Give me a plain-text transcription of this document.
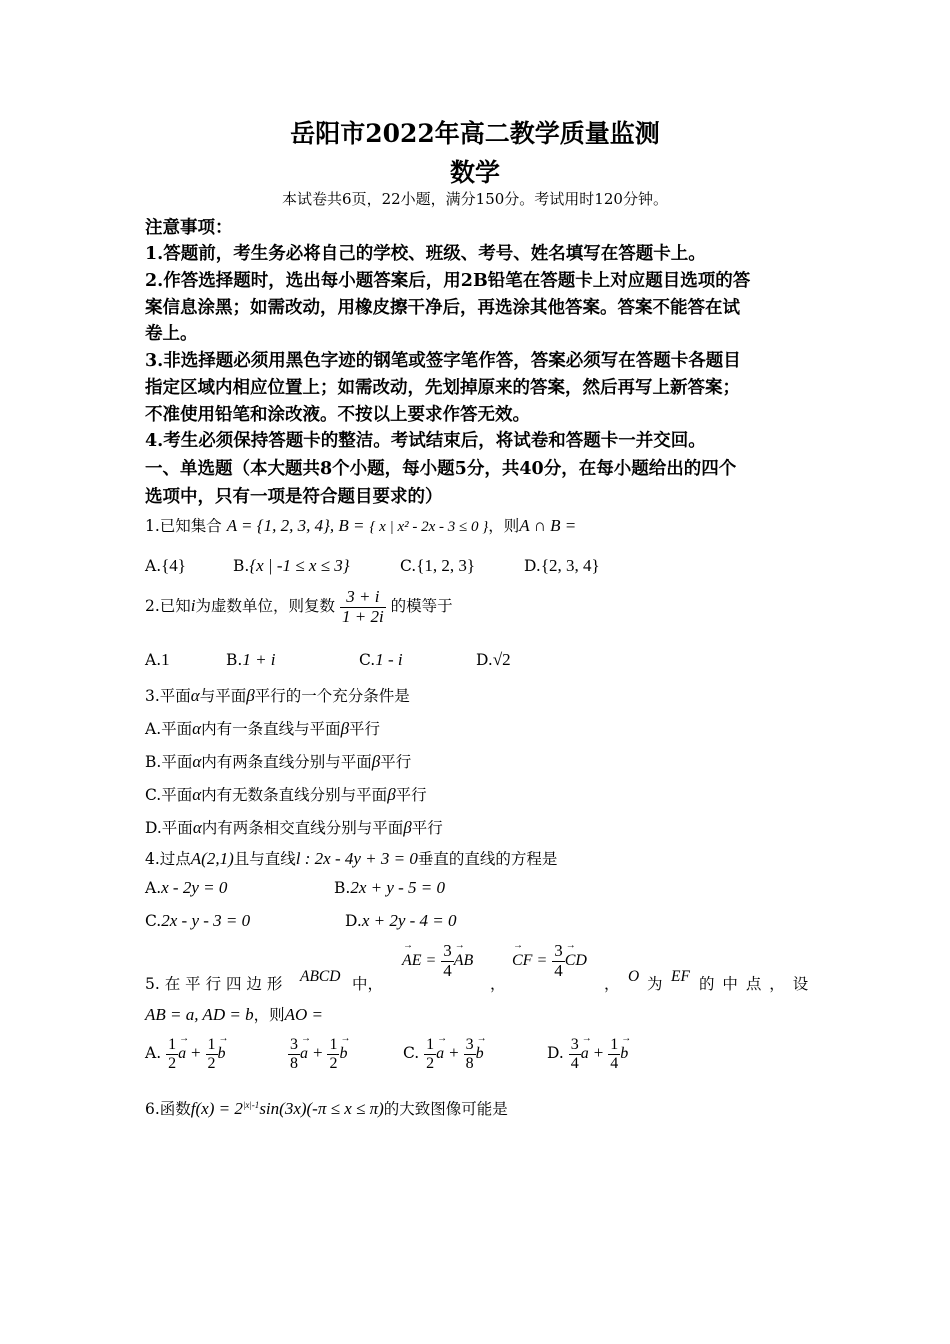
岳阳市2022年高二教学质量监测
数学
本试卷共6页，22小题，满分150分。考试用时120分钟。
注意事项：
1.答题前，考生务必将自己的学校、班级、考号、姓名填写在答题卡上。
2.作答选择题时，选出每小题答案后，用2B铅笔在答题卡上对应题目选项的答
案信息涂黑；如需改动，用橡皮擦干净后，再选涂其他答案。答案不能答在试
卷上。
3.非选择题必须用黑色字迹的钢笔或签字笔作答，答案必须写在答题卡各题目
指定区域内相应位置上；如需改动，先划掉原来的答案，然后再写上新答案；
不准使用铅笔和涂改液。不按以上要求作答无效。
4.考生必须保持答题卡的整洁。考试结束后，将试卷和答题卡一并交回。
一、单选题（本大题共8个小题，每小题5分，共40分，在每小题给出的四个
选项中，只有一项是符合题目要求的）
1.已知集合 A = {1, 2, 3, 4}, B = { x | x² - 2x - 3 ≤ 0 }，则A ∩ B =
A.{4}	B.{x | -1 ≤ x ≤ 3}	C.{1, 2, 3}	D.{2, 3, 4}
2.已知i为虚数单位，则复数 $\frac{3 + i}{1 + 2i}$ 的模等于
A.1	B.1 + i	C.1 - i	D.√2
3.平面α与平面β平行的一个充分条件是
A.平面α内有一条直线与平面β平行
B.平面α内有两条直线分别与平面β平行
C.平面α内有无数条直线分别与平面β平行
D.平面α内有两条相交直线分别与平面β平行
4.过点A(2,1)且与直线l : 2x - 4y + 3 = 0垂直的直线的方程是
A.x - 2y = 0	B.2x + y - 5 = 0
C.2x - y - 3 = 0	D.x + 2y - 4 = 0
5. 在 平 行 四 边 形 ABCD 中，
→ AE = $\frac{3}{4}$
→ AB
，
→ CF = $\frac{3}{4}$
→ CD
， O 为 EF 的 中 点 ， 设
AB = a, AD = b，则AO =
A. $\frac{1}{2}$
→ $a + \frac{1}{2}$
→ b	$\frac{3}{8}$
→ $a + \frac{1}{2}$
→ b	C. $\frac{1}{2}$
→ $a + \frac{3}{8}$
→ b	D. $\frac{3}{4}$
→ $a + \frac{1}{4}$
→ b
6.函数$f(x) = 2^{|x|-1}\sin(3x)(-\pi \le x \le \pi)$的大致图像可能是
